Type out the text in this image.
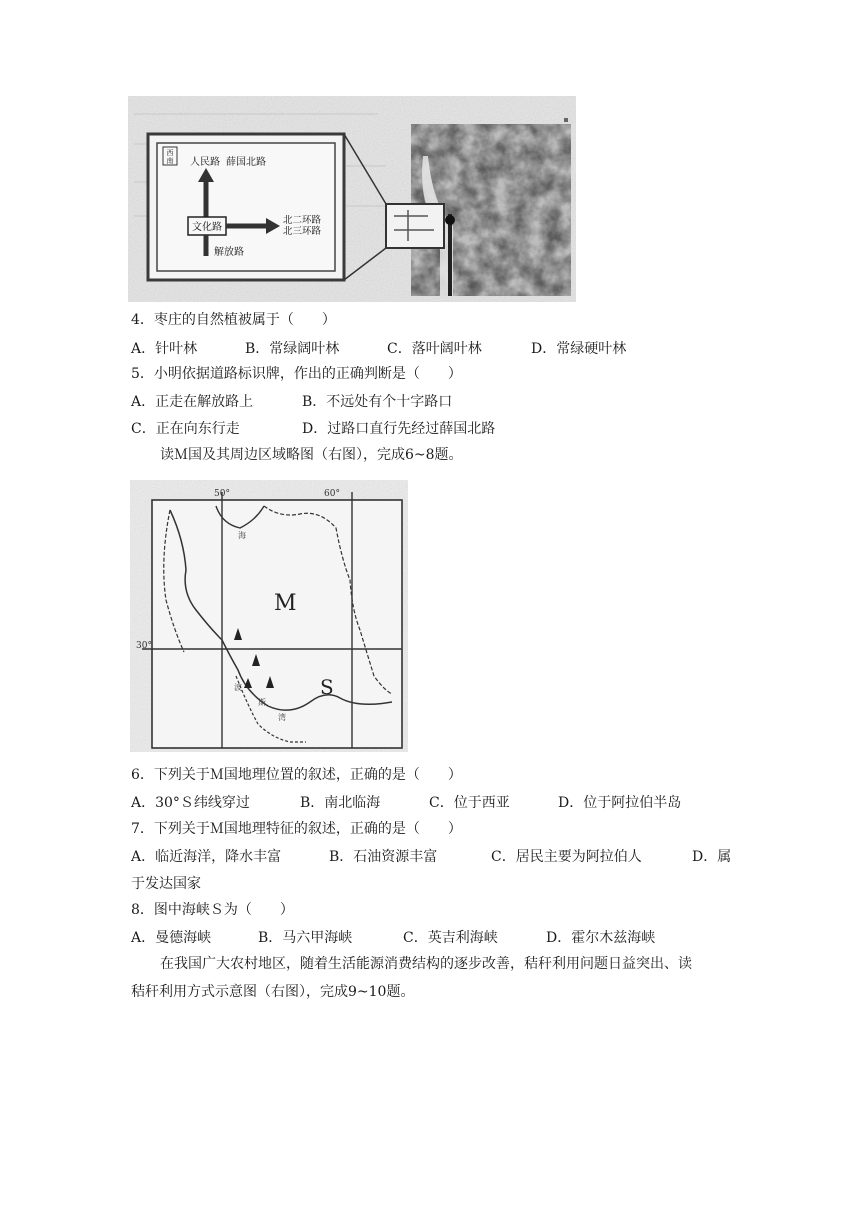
西
南 人民路 薛国北路
文化路
北二环路
北三环路
解放路
4．枣庄的自然植被属于（　　）
A．针叶林	B．常绿阔叶林	C．落叶阔叶林	D．常绿硬叶林
5．小明依据道路标识牌，作出的正确判断是（　　）
A．正走在解放路上	B．不远处有个十字路口
C．正在向东行走	D．过路口直行先经过薛国北路
读Ｍ国及其周边区域略图（右图），完成6~8题。
50°	60°
30°
海
波
斯
湾
M
S
6．下列关于Ｍ国地理位置的叙述，正确的是（　　）
A．30°Ｓ纬线穿过	B．南北临海	C．位于西亚	D．位于阿拉伯半岛
7．下列关于Ｍ国地理特征的叙述，正确的是（　　）
A．临近海洋，降水丰富	B．石油资源丰富	C．居民主要为阿拉伯人	D．属
于发达国家
8．图中海峡Ｓ为（　　）
A．曼德海峡	B．马六甲海峡	C．英吉利海峡	D．霍尔木兹海峡
在我国广大农村地区，随着生活能源消费结构的逐步改善，秸秆利用问题日益突出、读
秸秆利用方式示意图（右图），完成9~10题。
